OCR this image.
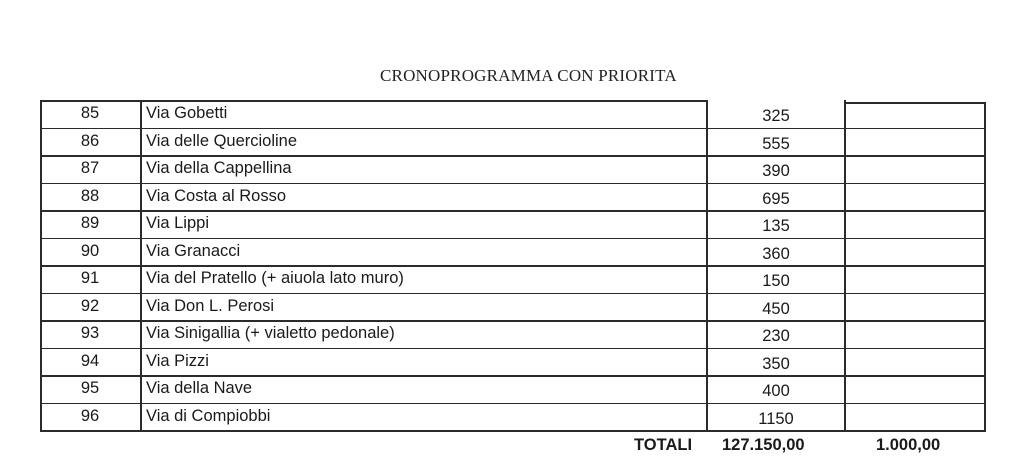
CRONOPROGRAMMA CON PRIORITA
85	Via Gobetti	325
86	Via delle Quercioline	555
87	Via della Cappellina	390
88	Via Costa al Rosso	695
89	Via Lippi	135
90	Via Granacci	360
91	Via del Pratello (+ aiuola lato muro)	150
92	Via Don L. Perosi	450
93	Via Sinigallia (+ vialetto pedonale)	230
94	Via Pizzi	350
95	Via della Nave	400
96	Via di Compiobbi	1150
TOTALI 127.150,00	1.000,00
